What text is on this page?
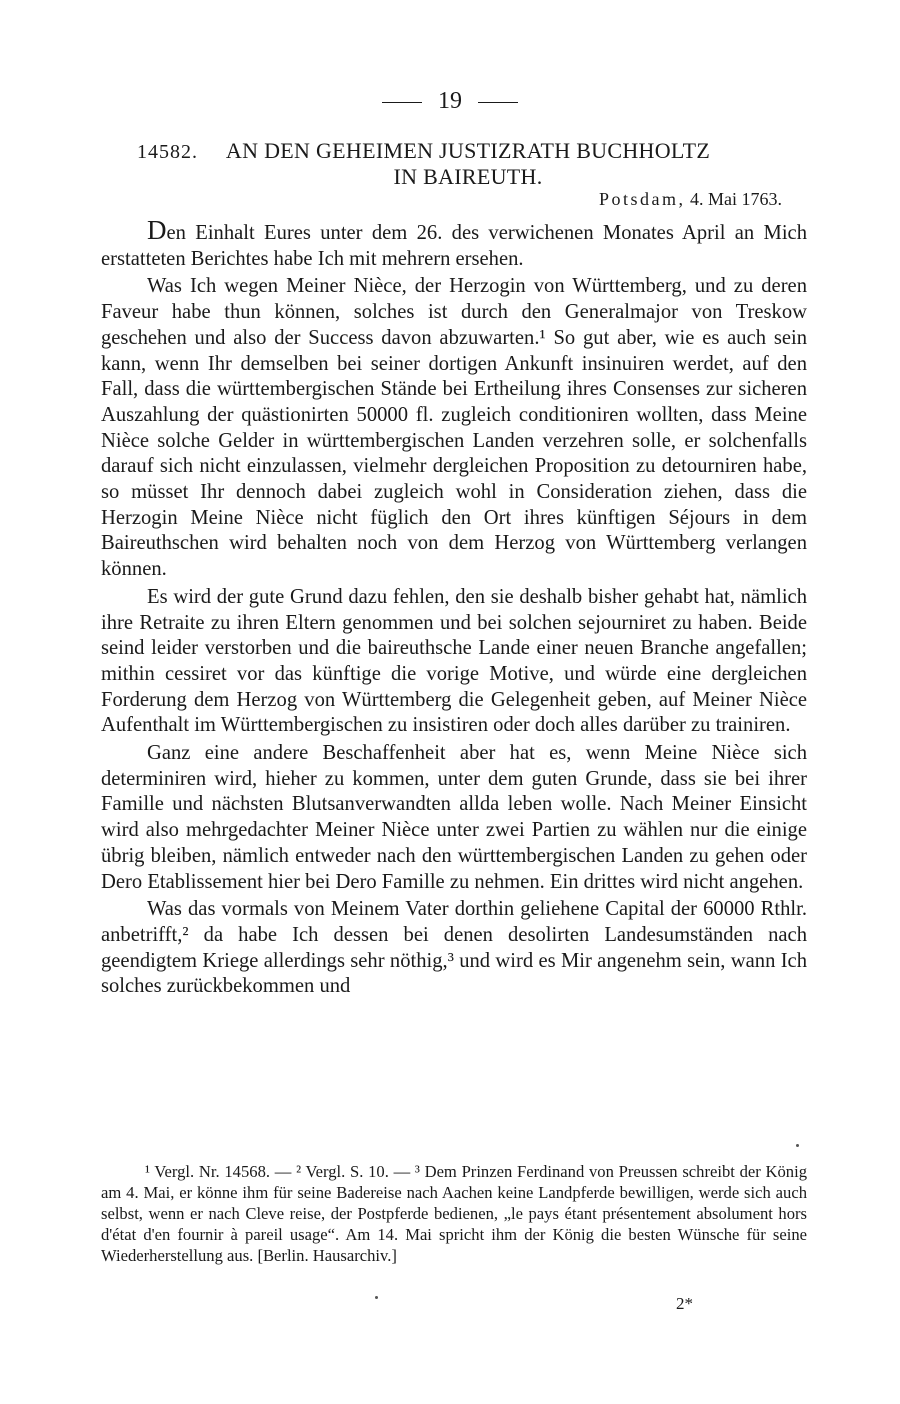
19
14582.	AN DEN GEHEIMEN JUSTIZRATH BUCHHOLTZ
IN BAIREUTH.
Potsdam, 4. Mai 1763.

Den Einhalt Eures unter dem 26. des verwichenen Monates April an Mich erstatteten Berichtes habe Ich mit mehrern ersehen.

Was Ich wegen Meiner Nièce, der Herzogin von Württemberg, und zu deren Faveur habe thun können, solches ist durch den Generalmajor von Treskow geschehen und also der Success davon abzuwarten.¹ So gut aber, wie es auch sein kann, wenn Ihr demselben bei seiner dortigen Ankunft insinuiren werdet, auf den Fall, dass die württembergischen Stände bei Ertheilung ihres Consenses zur sicheren Auszahlung der quästionirten 50000 fl. zugleich conditioniren wollten, dass Meine Nièce solche Gelder in württembergischen Landen verzehren solle, er solchenfalls darauf sich nicht einzulassen, vielmehr dergleichen Proposition zu detourniren habe, so müsset Ihr dennoch dabei zugleich wohl in Consideration ziehen, dass die Herzogin Meine Nièce nicht füglich den Ort ihres künftigen Séjours in dem Baireuthschen wird behalten noch von dem Herzog von Württemberg verlangen können.

Es wird der gute Grund dazu fehlen, den sie deshalb bisher gehabt hat, nämlich ihre Retraite zu ihren Eltern genommen und bei solchen sejourniret zu haben. Beide seind leider verstorben und die baireuthsche Lande einer neuen Branche angefallen; mithin cessiret vor das künftige die vorige Motive, und würde eine dergleichen Forderung dem Herzog von Württemberg die Gelegenheit geben, auf Meiner Nièce Aufenthalt im Württembergischen zu insistiren oder doch alles darüber zu trainiren.

Ganz eine andere Beschaffenheit aber hat es, wenn Meine Nièce sich determiniren wird, hieher zu kommen, unter dem guten Grunde, dass sie bei ihrer Famille und nächsten Blutsanverwandten allda leben wolle. Nach Meiner Einsicht wird also mehrgedachter Meiner Nièce unter zwei Partien zu wählen nur die einige übrig bleiben, nämlich entweder nach den württembergischen Landen zu gehen oder Dero Etablissement hier bei Dero Famille zu nehmen. Ein drittes wird nicht angehen.

Was das vormals von Meinem Vater dorthin geliehene Capital der 60000 Rthlr. anbetrifft,² da habe Ich dessen bei denen desolirten Landesumständen nach geendigtem Kriege allerdings sehr nöthig,³ und wird es Mir angenehm sein, wann Ich solches zurückbekommen und

¹ Vergl. Nr. 14568. — ² Vergl. S. 10. — ³ Dem Prinzen Ferdinand von Preussen schreibt der König am 4. Mai, er könne ihm für seine Badereise nach Aachen keine Landpferde bewilligen, werde sich auch selbst, wenn er nach Cleve reise, der Postpferde bedienen, „le pays étant présentement absolument hors d'état d'en fournir à pareil usage“. Am 14. Mai spricht ihm der König die besten Wünsche für seine Wiederherstellung aus. [Berlin. Hausarchiv.]

2*
